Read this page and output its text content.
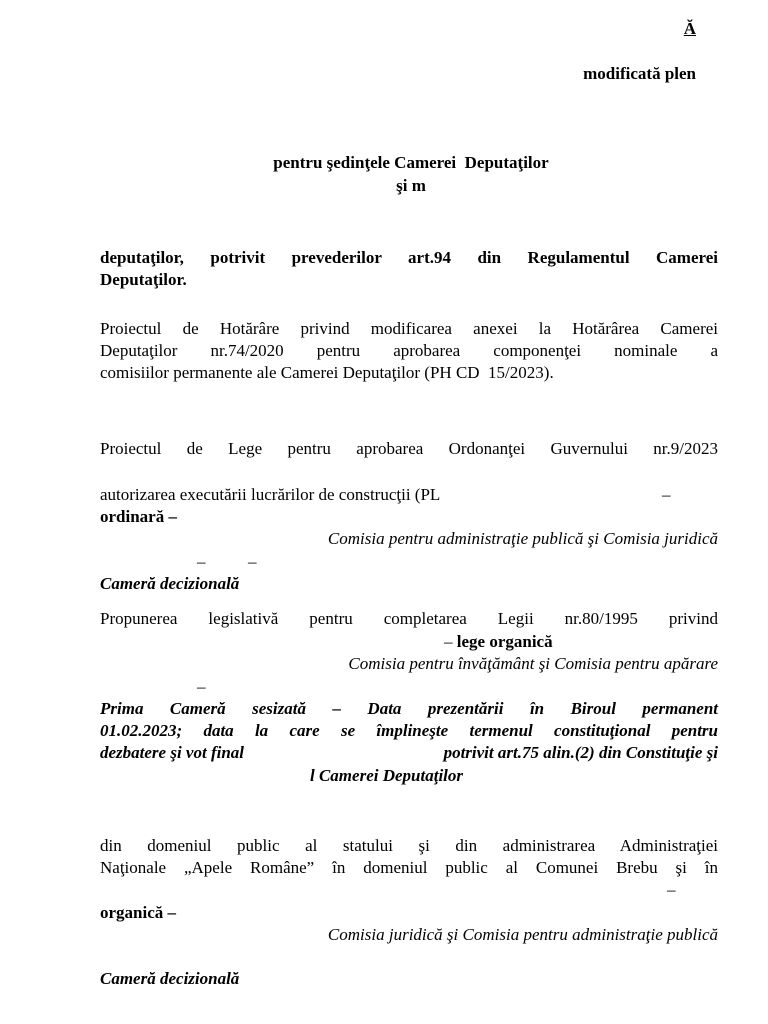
Ă
modificată plen
pentru şedinţele Camerei  Deputaţilor
şi m
deputaţilor, potrivit prevederilor art.94 din Regulamentul Camerei
Deputaţilor.
Proiectul de Hotărâre privind modificarea anexei la Hotărârea Camerei
Deputaţilor nr.74/2020 pentru aprobarea componenţei nominale a
comisiilor permanente ale Camerei Deputaţilor (PH CD  15/2023).
Proiectul de Lege pentru aprobarea Ordonanţei Guvernului nr.9/2023
autorizarea executării lucrărilor de construcţii (PL	–
ordinară –
Comisia pentru administraţie publică şi Comisia juridică
–          –
Cameră decizională
Propunerea legislativă pentru completarea Legii nr.80/1995 privind
– lege organică
Comisia pentru învăţământ şi Comisia pentru apărare
–
Prima Cameră sesizată – Data prezentării în Biroul permanent
01.02.2023; data la care se împlineşte termenul constituţional pentru
dezbatere şi vot final	potrivit art.75 alin.(2) din Constituţie şi
l Camerei Deputaţilor
din domeniul public al statului şi din administrarea Administraţiei
Naţionale „Apele Române” în domeniul public al Comunei Brebu şi în
–
organică –
Comisia juridică şi Comisia pentru administraţie publică
Cameră decizională
